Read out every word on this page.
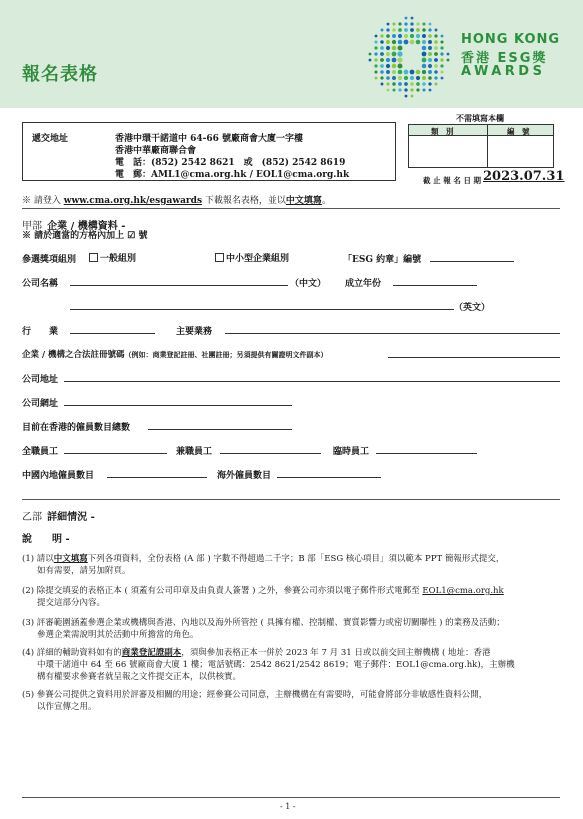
報名表格
HONG KONG
香港 ESG獎
AWARDS
遞交地址	香港中環干諾道中 64-66 號廠商會大廈一字樓
香港中華廠商聯合會
電　話：(852) 2542 8621　或　(852) 2542 8619
電　郵：AML1@cma.org.hk / EOL1@cma.org.hk
不需填寫本欄
類　別	編　號
截 止 報 名 日 期 2023.07.31
※ 請登入 www.cma.org.hk/esgawards 下載報名表格，並以中文填寫。
甲部 企業 / 機構資料 -
※ 請於適當的方格內加上 ☑ 號
參選獎項組別	一般組別	中小型企業組別	「ESG 約章」編號
公司名稱	（中文） 成立年份
（英文）
行　　業	主要業務
企業 / 機構之合法註冊號碼（例如：商業登記註冊、社團註冊；另須提供有關證明文件副本）
公司地址
公司網址
目前在香港的僱員數目總數
全職員工	兼職員工	臨時員工
中國內地僱員數目	海外僱員數目
乙部 詳細情況 -
說　　明 -
(1) 請以中文填寫下列各項資料，全份表格 (A 部 ) 字數不得超過二千字；B 部「ESG 核心項目」須以範本 PPT 簡報形式提交，
如有需要，請另加附頁。
(2) 除提交填妥的表格正本 ( 須蓋有公司印章及由負責人簽署 ) 之外，參賽公司亦須以電子郵件形式電郵至 EOL1@cma.org.hk
提交這部分內容。
(3) 評審範圍涵蓋參選企業或機構與香港、內地以及海外所管控 ( 具擁有權、控制權、實質影響力或密切關聯性 ) 的業務及活動；
參選企業需說明其於活動中所擔當的角色。
(4) 詳細的輔助資料如有的商業登記證副本，須與參加表格正本一併於 2023 年 7 月 31 日或以前交回主辦機構 ( 地址：香港
中環干諾道中 64 至 66 號廠商會大廈 1 樓；電話號碼：2542 8621/2542 8619；電子郵件：EOL1@cma.org.hk)，主辦機
構有權要求參賽者就呈報之文件提交正本，以供核實。
(5) 參賽公司提供之資料用於評審及相關的用途；經參賽公司同意，主辦機構在有需要時，可能會將部分非敏感性資料公開，
以作宣傳之用。
- 1 -
